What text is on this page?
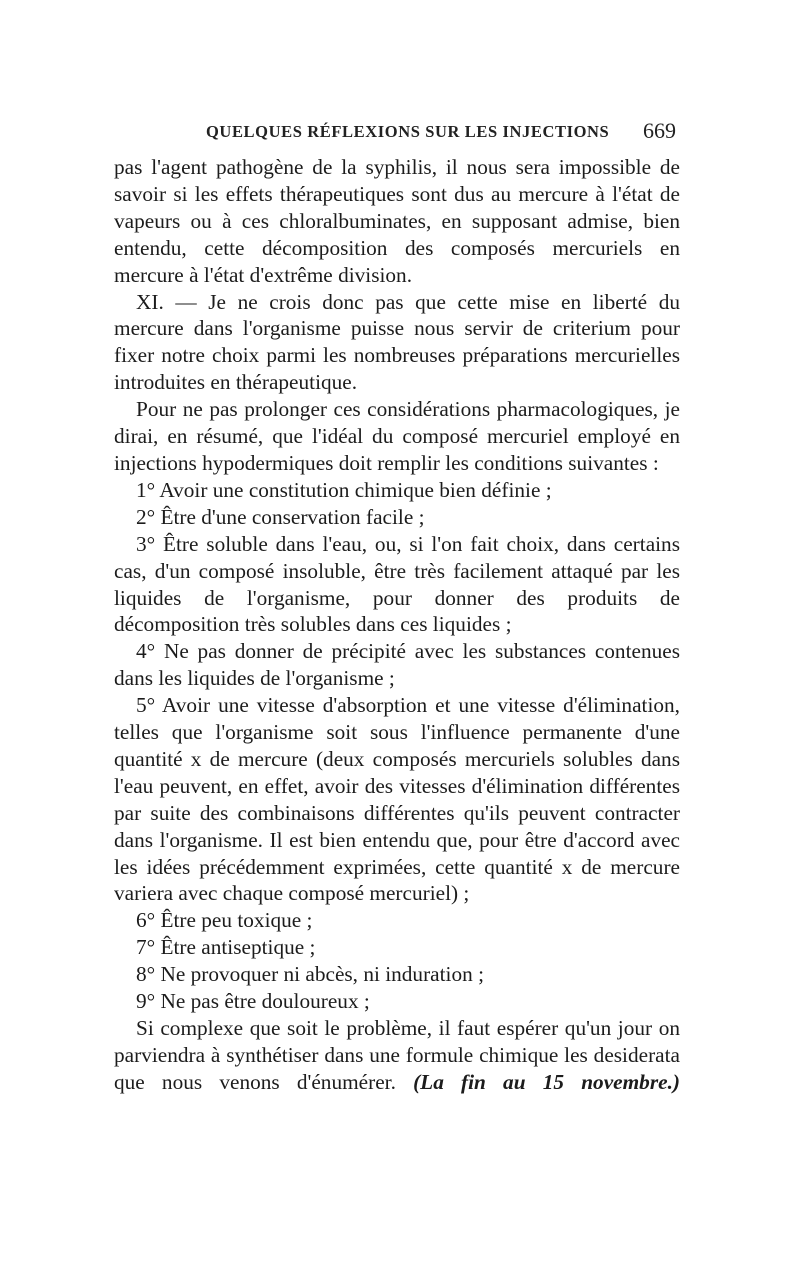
QUELQUES RÉFLEXIONS SUR LES INJECTIONS 669

pas l'agent pathogène de la syphilis, il nous sera impossible de savoir si les effets thérapeutiques sont dus au mercure à l'état de vapeurs ou à ces chloralbuminates, en supposant admise, bien entendu, cette décomposition des composés mercuriels en mercure à l'état d'extrême division.

XI. — Je ne crois donc pas que cette mise en liberté du mercure dans l'organisme puisse nous servir de criterium pour fixer notre choix parmi les nombreuses préparations mercurielles introduites en thérapeutique.

Pour ne pas prolonger ces considérations pharmacologiques, je dirai, en résumé, que l'idéal du composé mercuriel employé en injections hypodermiques doit remplir les conditions suivantes :

1° Avoir une constitution chimique bien définie ;

2° Être d'une conservation facile ;

3° Être soluble dans l'eau, ou, si l'on fait choix, dans certains cas, d'un composé insoluble, être très facilement attaqué par les liquides de l'organisme, pour donner des produits de décomposition très solubles dans ces liquides ;

4° Ne pas donner de précipité avec les substances contenues dans les liquides de l'organisme ;

5° Avoir une vitesse d'absorption et une vitesse d'élimination, telles que l'organisme soit sous l'influence permanente d'une quantité x de mercure (deux composés mercuriels solubles dans l'eau peuvent, en effet, avoir des vitesses d'élimination différentes par suite des combinaisons différentes qu'ils peuvent contracter dans l'organisme. Il est bien entendu que, pour être d'accord avec les idées précédemment exprimées, cette quantité x de mercure variera avec chaque composé mercuriel) ;

6° Être peu toxique ;

7° Être antiseptique ;

8° Ne provoquer ni abcès, ni induration ;

9° Ne pas être douloureux ;

Si complexe que soit le problème, il faut espérer qu'un jour on parviendra à synthétiser dans une formule chimique les desiderata que nous venons d'énumérer. (La fin au 15 novembre.)
